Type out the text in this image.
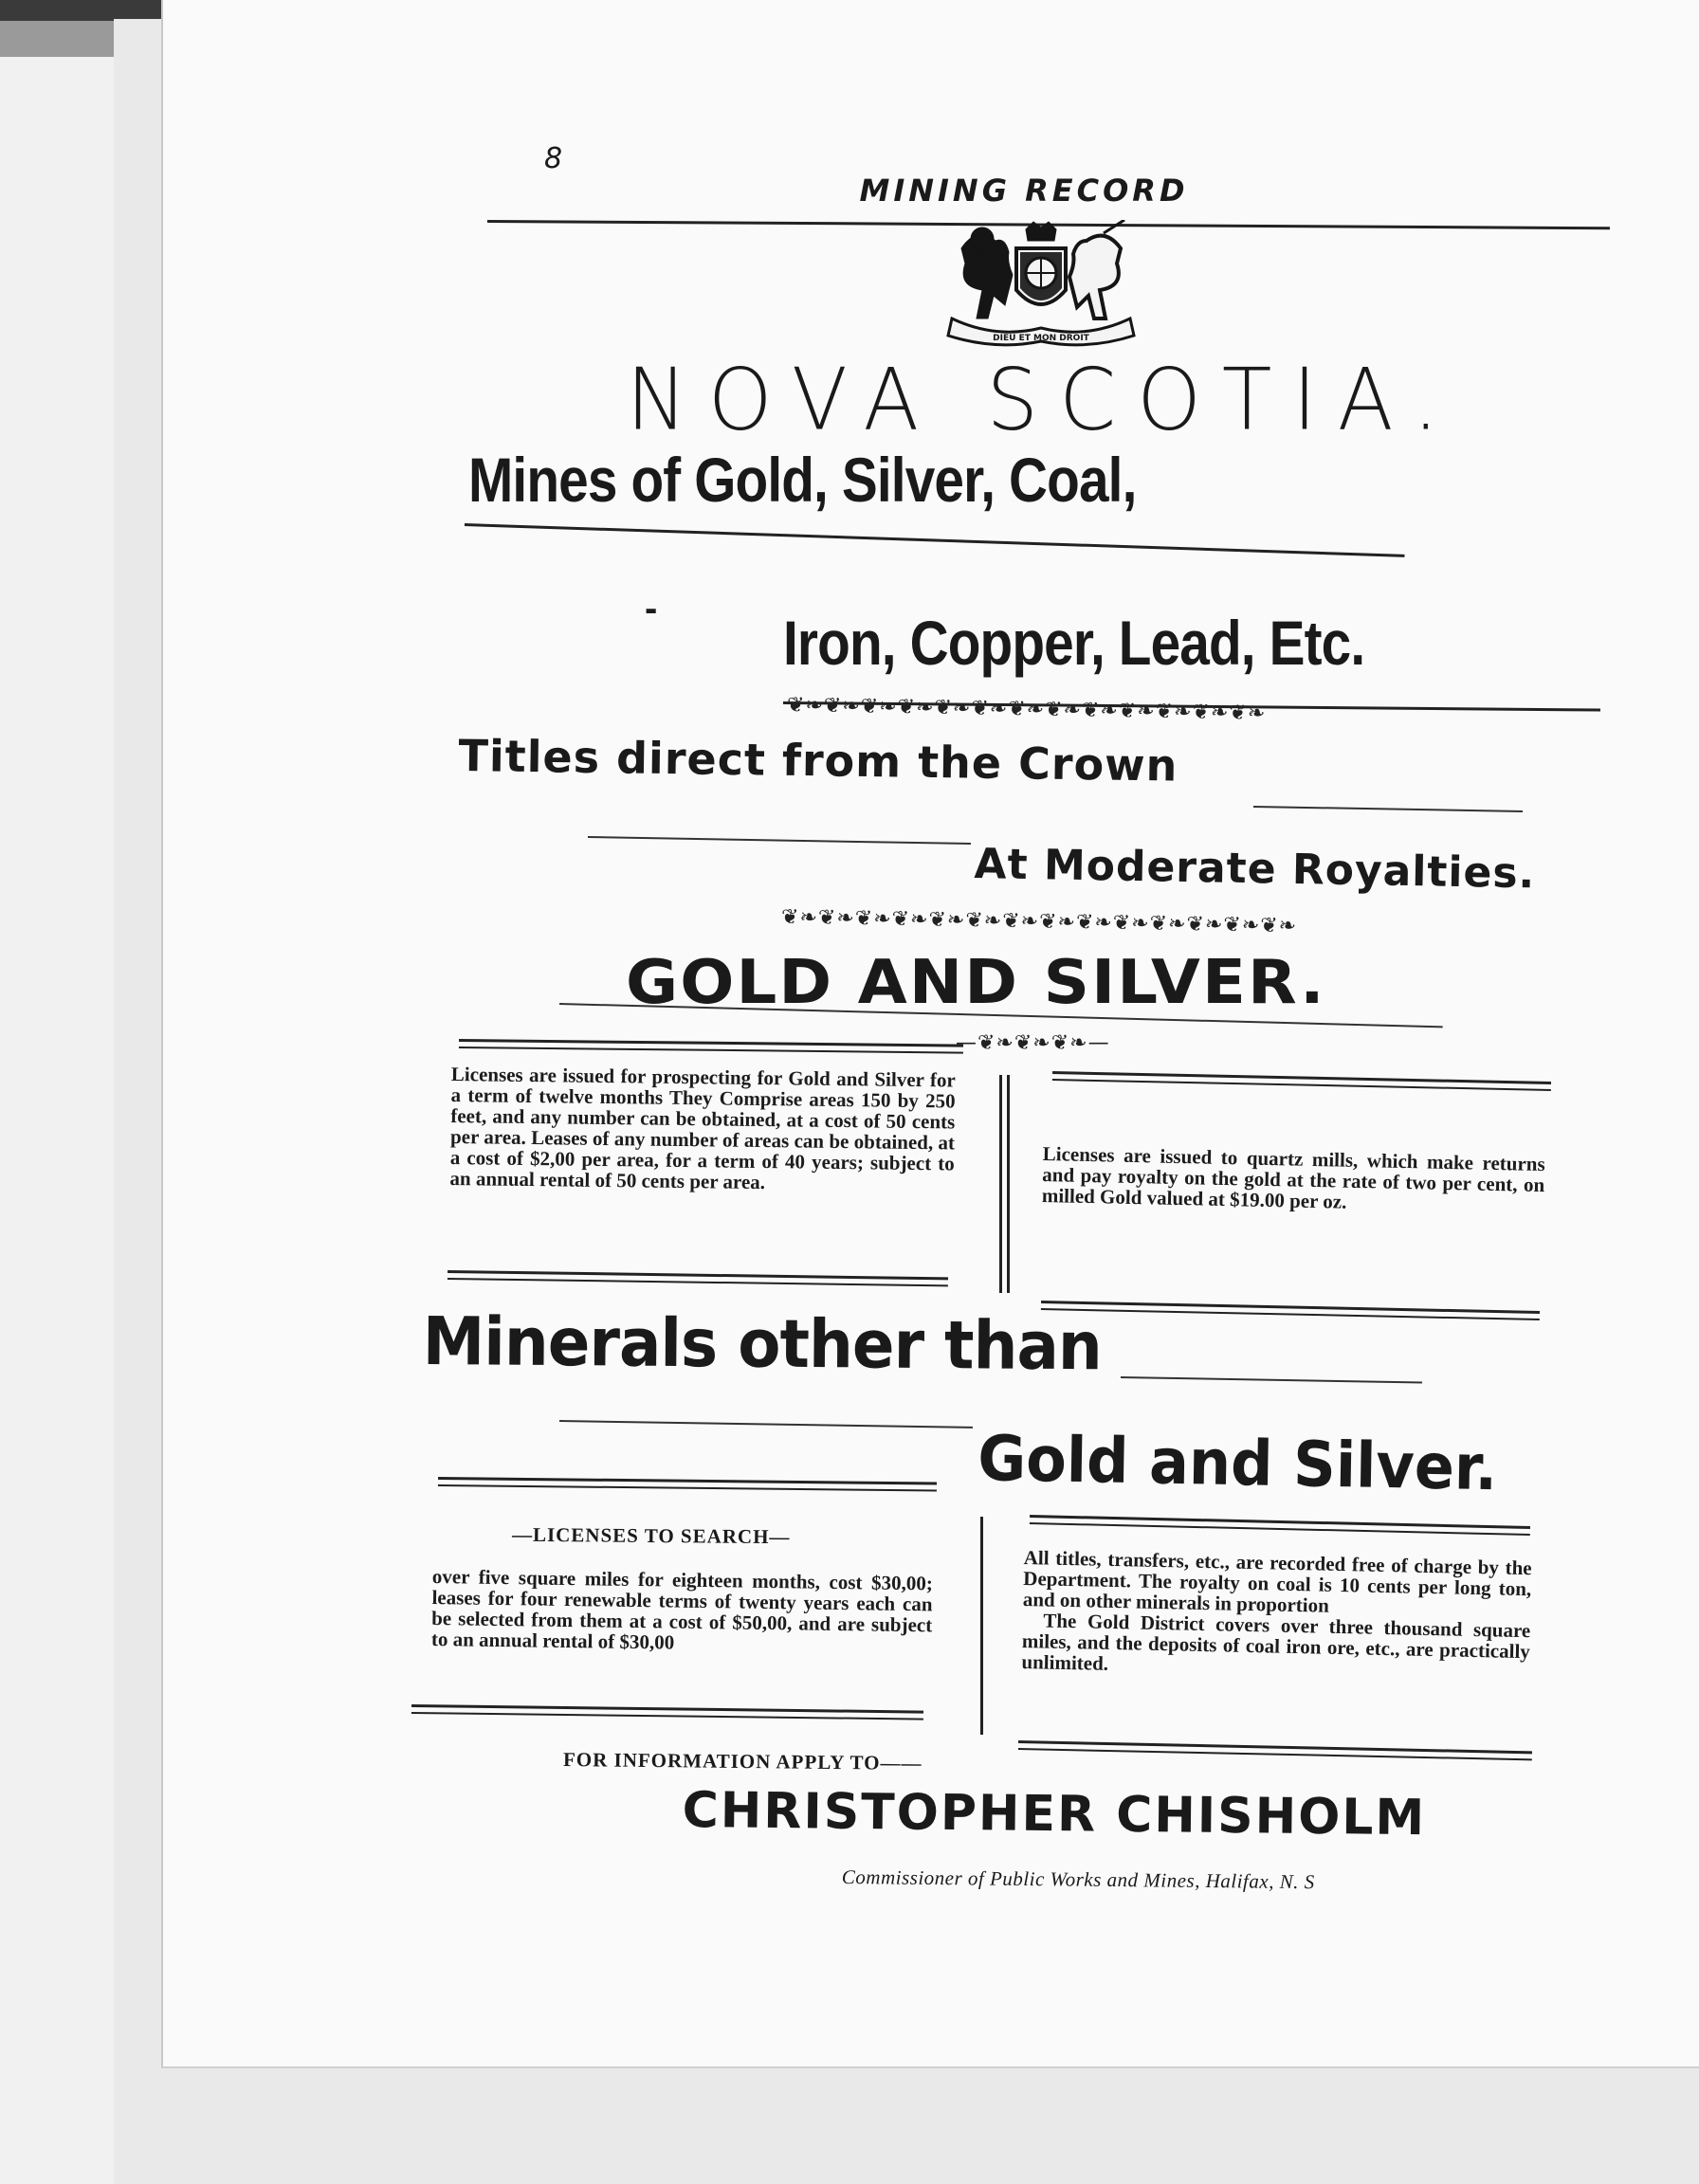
8
MINING RECORD
DIEU ET MON DROIT
NOVA SCOTIA.
Mines of Gold, Silver, Coal,
- Iron, Copper, Lead, Etc.
❦❧❦❧❦❧❦❧❦❧❦❧❦❧❦❧❦❧❦❧❦❧❦❧❦❧
Titles direct from the Crown
At Moderate Royalties.
❦❧❦❧❦❧❦❧❦❧❦❧❦❧❦❧❦❧❦❧❦❧❦❧❦❧❦❧
GOLD AND SILVER.
—❦❧❦❧❦❧—
Licenses are issued for prospecting for Gold and Silver for a term of twelve months They Comprise areas 150 by 250 feet, and any number can be obtained, at a cost of 50 cents per area. Leases of any number of areas can be obtained, at a cost of $2,00 per area, for a term of 40 years; subject to an annual rental of 50 cents per area.
Licenses are issued to quartz mills, which make returns and pay royalty on the gold at the rate of two per cent, on milled Gold valued at $19.00 per oz.
Minerals other than
Gold and Silver.
—LICENSES TO SEARCH—
over five square miles for eighteen months, cost $30,00; leases for four renewable terms of twenty years each can be selected from them at a cost of $50,00, and are subject to an annual rental of $30,00
All titles, transfers, etc., are recorded free of charge by the Department. The royalty on coal is 10 cents per long ton, and on other minerals in proportion
The Gold District covers over three thousand square miles, and the deposits of coal iron ore, etc., are practically unlimited.
FOR INFORMATION APPLY TO——
CHRISTOPHER CHISHOLM
Commissioner of Public Works and Mines, Halifax, N. S
